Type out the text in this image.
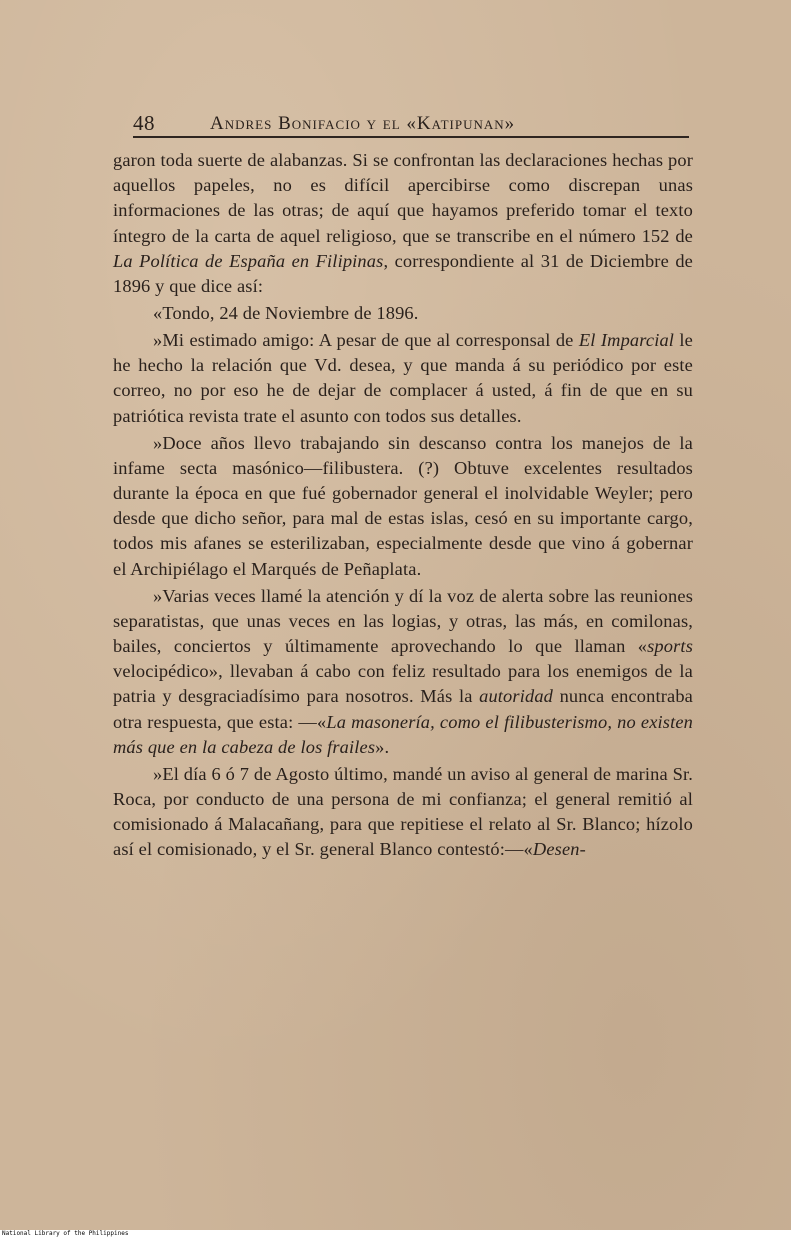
48	Andres Bonifacio y el «Katipunan»

garon toda suerte de alabanzas. Si se confrontan las declaraciones hechas por aquellos papeles, no es difícil apercibirse como discrepan unas informaciones de las otras; de aquí que hayamos preferido tomar el texto íntegro de la carta de aquel religioso, que se transcribe en el número 152 de La Política de España en Filipinas, correspondiente al 31 de Diciembre de 1896 y que dice así:

«Tondo, 24 de Noviembre de 1896.

»Mi estimado amigo: A pesar de que al corresponsal de El Imparcial le he hecho la relación que Vd. desea, y que manda á su periódico por este correo, no por eso he de dejar de complacer á usted, á fin de que en su patriótica revista trate el asunto con todos sus detalles.

»Doce años llevo trabajando sin descanso contra los manejos de la infame secta masónico—filibustera. (?) Obtuve excelentes resultados durante la época en que fué gobernador general el inolvidable Weyler; pero desde que dicho señor, para mal de estas islas, cesó en su importante cargo, todos mis afanes se esterilizaban, especialmente desde que vino á gobernar el Archipiélago el Marqués de Peñaplata.

»Varias veces llamé la atención y dí la voz de alerta sobre las reuniones separatistas, que unas veces en las logias, y otras, las más, en comilonas, bailes, conciertos y últimamente aprovechando lo que llaman «sports velocipédico», llevaban á cabo con feliz resultado para los enemigos de la patria y desgraciadísimo para nosotros. Más la autoridad nunca encontraba otra respuesta, que esta: —«La masonería, como el filibusterismo, no existen más que en la cabeza de los frailes».

»El día 6 ó 7 de Agosto último, mandé un aviso al general de marina Sr. Roca, por conducto de una persona de mi confianza; el general remitió al comisionado á Malacañang, para que repitiese el relato al Sr. Blanco; hízolo así el comisionado, y el Sr. general Blanco contestó:—«Desen-

National Library of the Philippines
